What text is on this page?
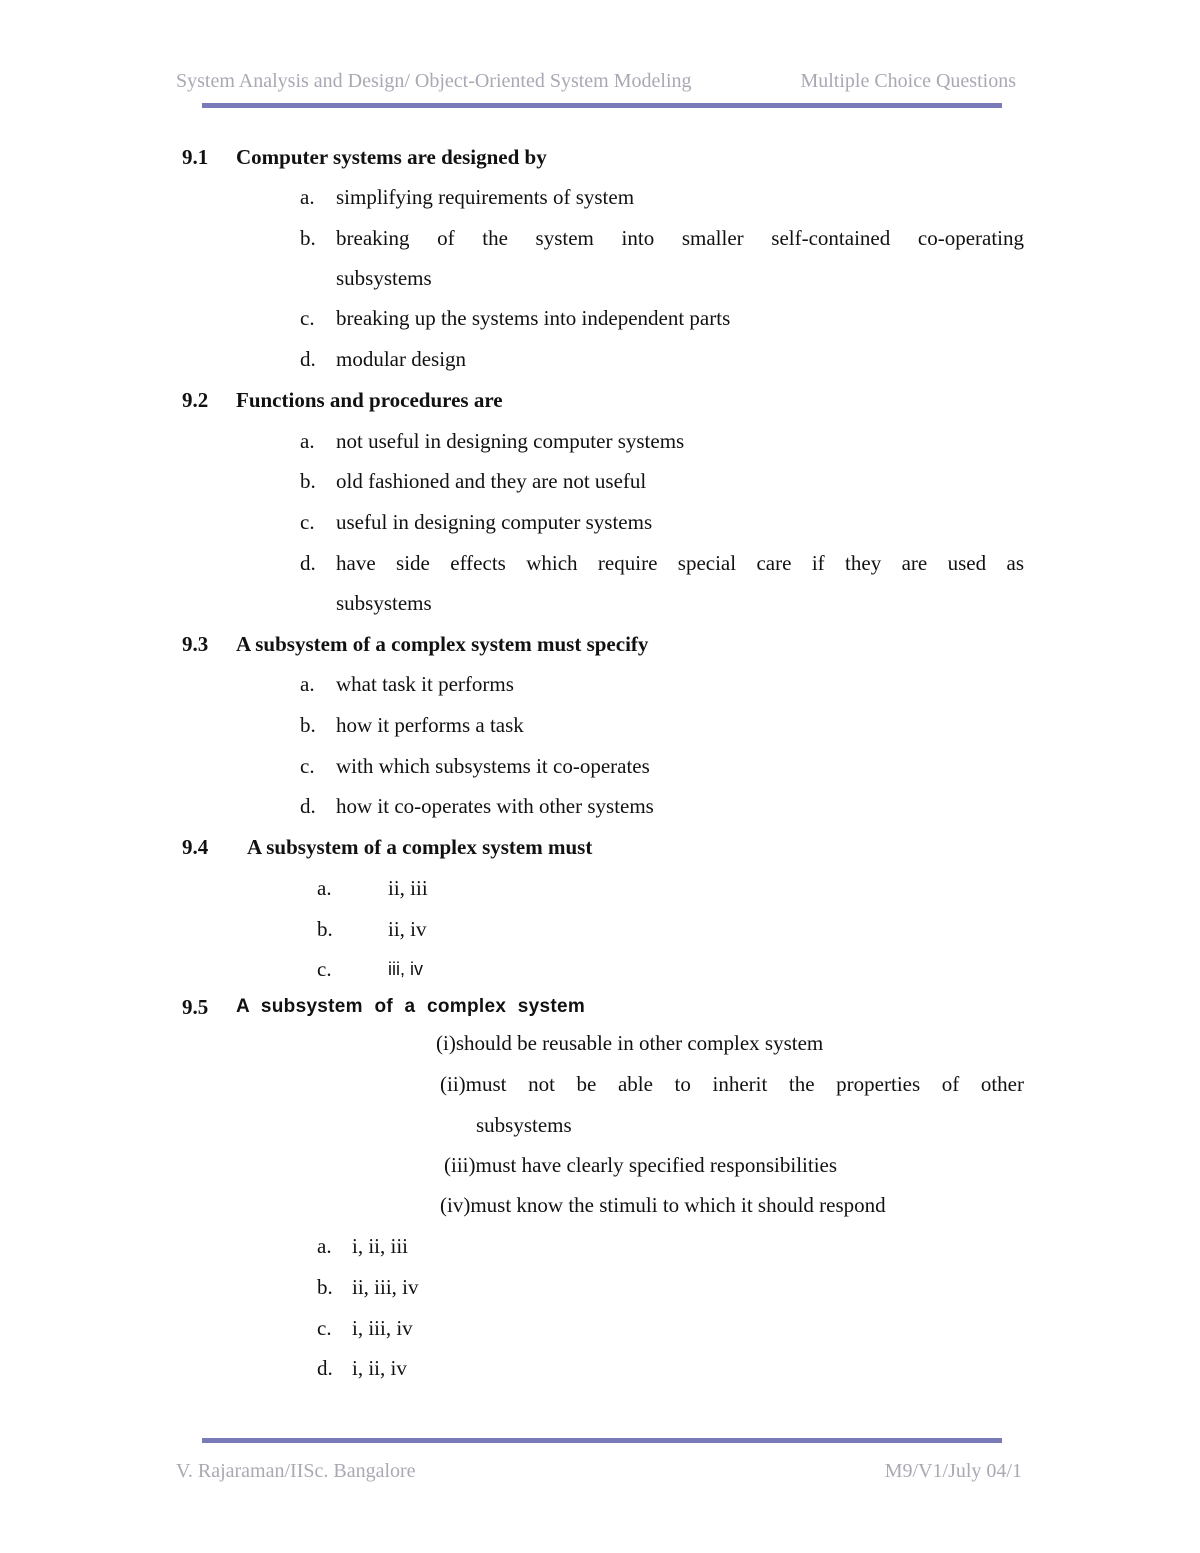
System Analysis and Design/ Object-Oriented System Modeling	Multiple Choice Questions
9.1 Computer systems are designed by
a. simplifying requirements of system
b. breaking of the system into smaller self-contained co-operating
subsystems
c. breaking up the systems into independent parts
d. modular design
9.2 Functions and procedures are
a. not useful in designing computer systems
b. old fashioned and they are not useful
c. useful in designing computer systems
d. have side effects which require special care if they are used as
subsystems
9.3 A subsystem of a complex system must specify
a. what task it performs
b. how it performs a task
c. with which subsystems it co-operates
d. how it co-operates with other systems
9.4 A subsystem of a complex system must
a.	ii, iii
b.	ii, iv
c.	iii, iv
9.5 A subsystem of a complex system
(i)should be reusable in other complex system
(ii)must not be able to inherit the properties of other
subsystems
(iii)must have clearly specified responsibilities
(iv)must know the stimuli to which it should respond
a. i, ii, iii
b. ii, iii, iv
c. i, iii, iv
d. i, ii, iv
V. Rajaraman/IISc. Bangalore	M9/V1/July 04/1
